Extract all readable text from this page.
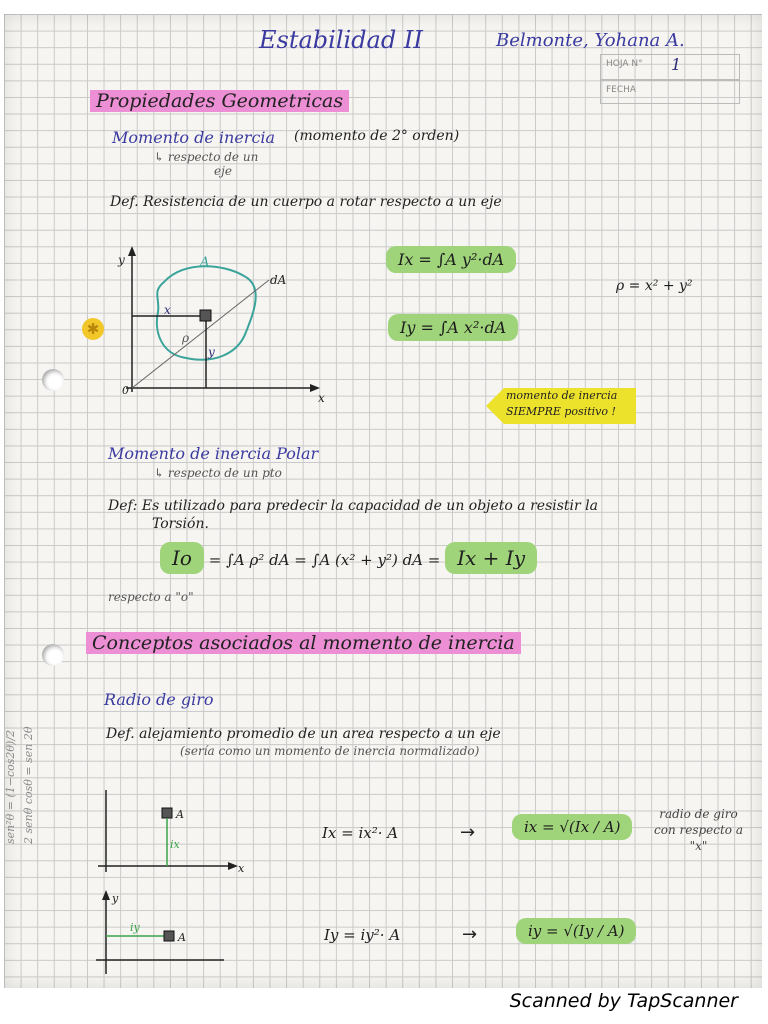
✱
Estabilidad II	Belmonte, Yohana A.
HOJA N° 1
FECHA
Propiedades Geometricas
Momento de inercia (momento de 2° orden)
↳ respecto de un
eje
Def. Resistencia de un cuerpo a rotar respecto a un eje
y
x
0
A
dA
x
y
ρ
Ix = ∫A y²·dA
Iy = ∫A x²·dA
ρ = x² + y²
momento de inercia
SIEMPRE positivo !
Momento de inercia Polar
↳ respecto de un pto
Def: Es utilizado para predecir la capacidad de un objeto a resistir la
Torsión.
Io = ∫A ρ² dA = ∫A (x² + y²) dA = Ix + Iy
respecto a "o"
Conceptos asociados al momento de inercia
Radio de giro
Def. alejamiento promedio de un area respecto a un eje
(sería como un momento de inercia normalizado)
A
ix
x
Ix = ix²· A	→	ix = √(Ix / A)
radio de giro
con respecto a
"x"
y
iy
A	Iy = iy²· A	→	iy = √(Iy / A)
sen²θ = (1−cos2θ)/2 2 senθ cosθ = sen 2θ
Scanned by TapScanner
